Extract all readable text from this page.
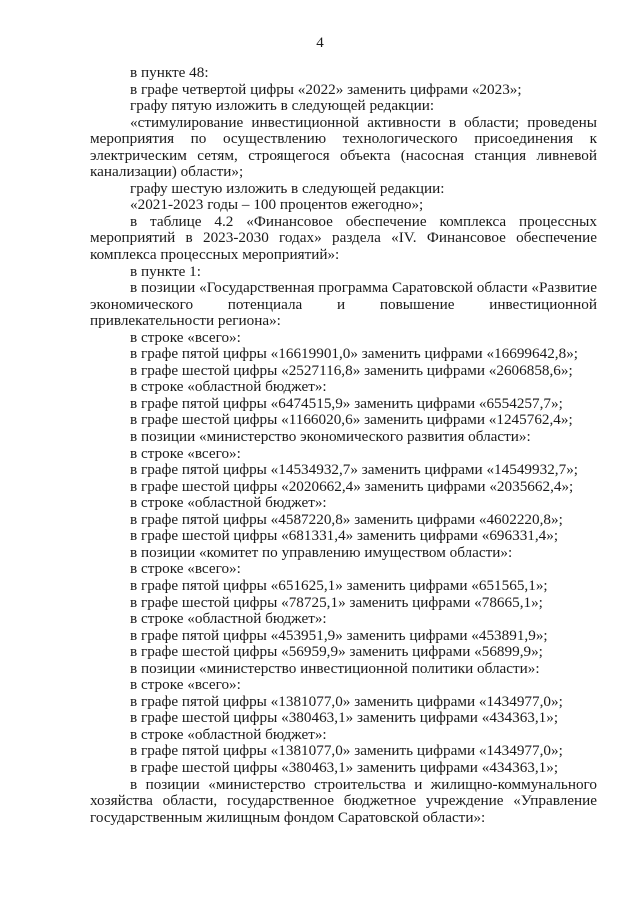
4

в пункте 48:

в графе четвертой цифры «2022» заменить цифрами «2023»;

графу пятую изложить в следующей редакции:

«стимулирование инвестиционной активности в области; проведены мероприятия по осуществлению технологического присоединения к электрическим сетям, строящегося объекта (насосная станция ливневой канализации) области»;

графу шестую изложить в следующей редакции:

«2021-2023 годы – 100 процентов ежегодно»;

в таблице 4.2 «Финансовое обеспечение комплекса процессных мероприятий в 2023-2030 годах» раздела «IV. Финансовое обеспечение комплекса процессных мероприятий»:

в пункте 1:

в позиции «Государственная программа Саратовской области «Развитие экономического потенциала и повышение инвестиционной привлекательности региона»:

в строке «всего»:

в графе пятой цифры «16619901,0» заменить цифрами «16699642,8»;

в графе шестой цифры «2527116,8» заменить цифрами «2606858,6»;

в строке «областной бюджет»:

в графе пятой цифры «6474515,9» заменить цифрами «6554257,7»;

в графе шестой цифры «1166020,6» заменить цифрами «1245762,4»;

в позиции «министерство экономического развития области»:

в строке «всего»:

в графе пятой цифры «14534932,7» заменить цифрами «14549932,7»;

в графе шестой цифры «2020662,4» заменить цифрами «2035662,4»;

в строке «областной бюджет»:

в графе пятой цифры «4587220,8» заменить цифрами «4602220,8»;

в графе шестой цифры «681331,4» заменить цифрами «696331,4»;

в позиции «комитет по управлению имуществом области»:

в строке «всего»:

в графе пятой цифры «651625,1» заменить цифрами «651565,1»;

в графе шестой цифры «78725,1» заменить цифрами «78665,1»;

в строке «областной бюджет»:

в графе пятой цифры «453951,9» заменить цифрами «453891,9»;

в графе шестой цифры «56959,9» заменить цифрами «56899,9»;

в позиции «министерство инвестиционной политики области»:

в строке «всего»:

в графе пятой цифры «1381077,0» заменить цифрами «1434977,0»;

в графе шестой цифры «380463,1» заменить цифрами «434363,1»;

в строке «областной бюджет»:

в графе пятой цифры «1381077,0» заменить цифрами «1434977,0»;

в графе шестой цифры «380463,1» заменить цифрами «434363,1»;

в позиции «министерство строительства и жилищно-коммунального хозяйства области, государственное бюджетное учреждение «Управление государственным жилищным фондом Саратовской области»:
